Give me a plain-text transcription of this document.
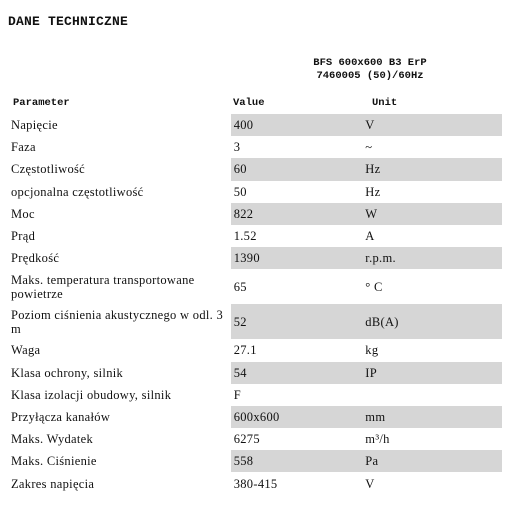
DANE TECHNICZNE
BFS 600x600 B3 ErP
7460005 (50)/60Hz
Parameter	Value	Unit
Napięcie	400	V
Faza	3	~
Częstotliwość	60	Hz
opcjonalna częstotliwość	50	Hz
Moc	822	W
Prąd	1.52	A
Prędkość	1390	r.p.m.
Maks. temperatura transportowane powietrze	65	° C
Poziom ciśnienia akustycznego w odl. 3 m	52	dB(A)
Waga	27.1	kg
Klasa ochrony, silnik	54	IP
Klasa izolacji obudowy, silnik	F	
Przyłącza kanałów	600x600	mm
Maks. Wydatek	6275	m³/h
Maks. Ciśnienie	558	Pa
Zakres napięcia	380-415	V
